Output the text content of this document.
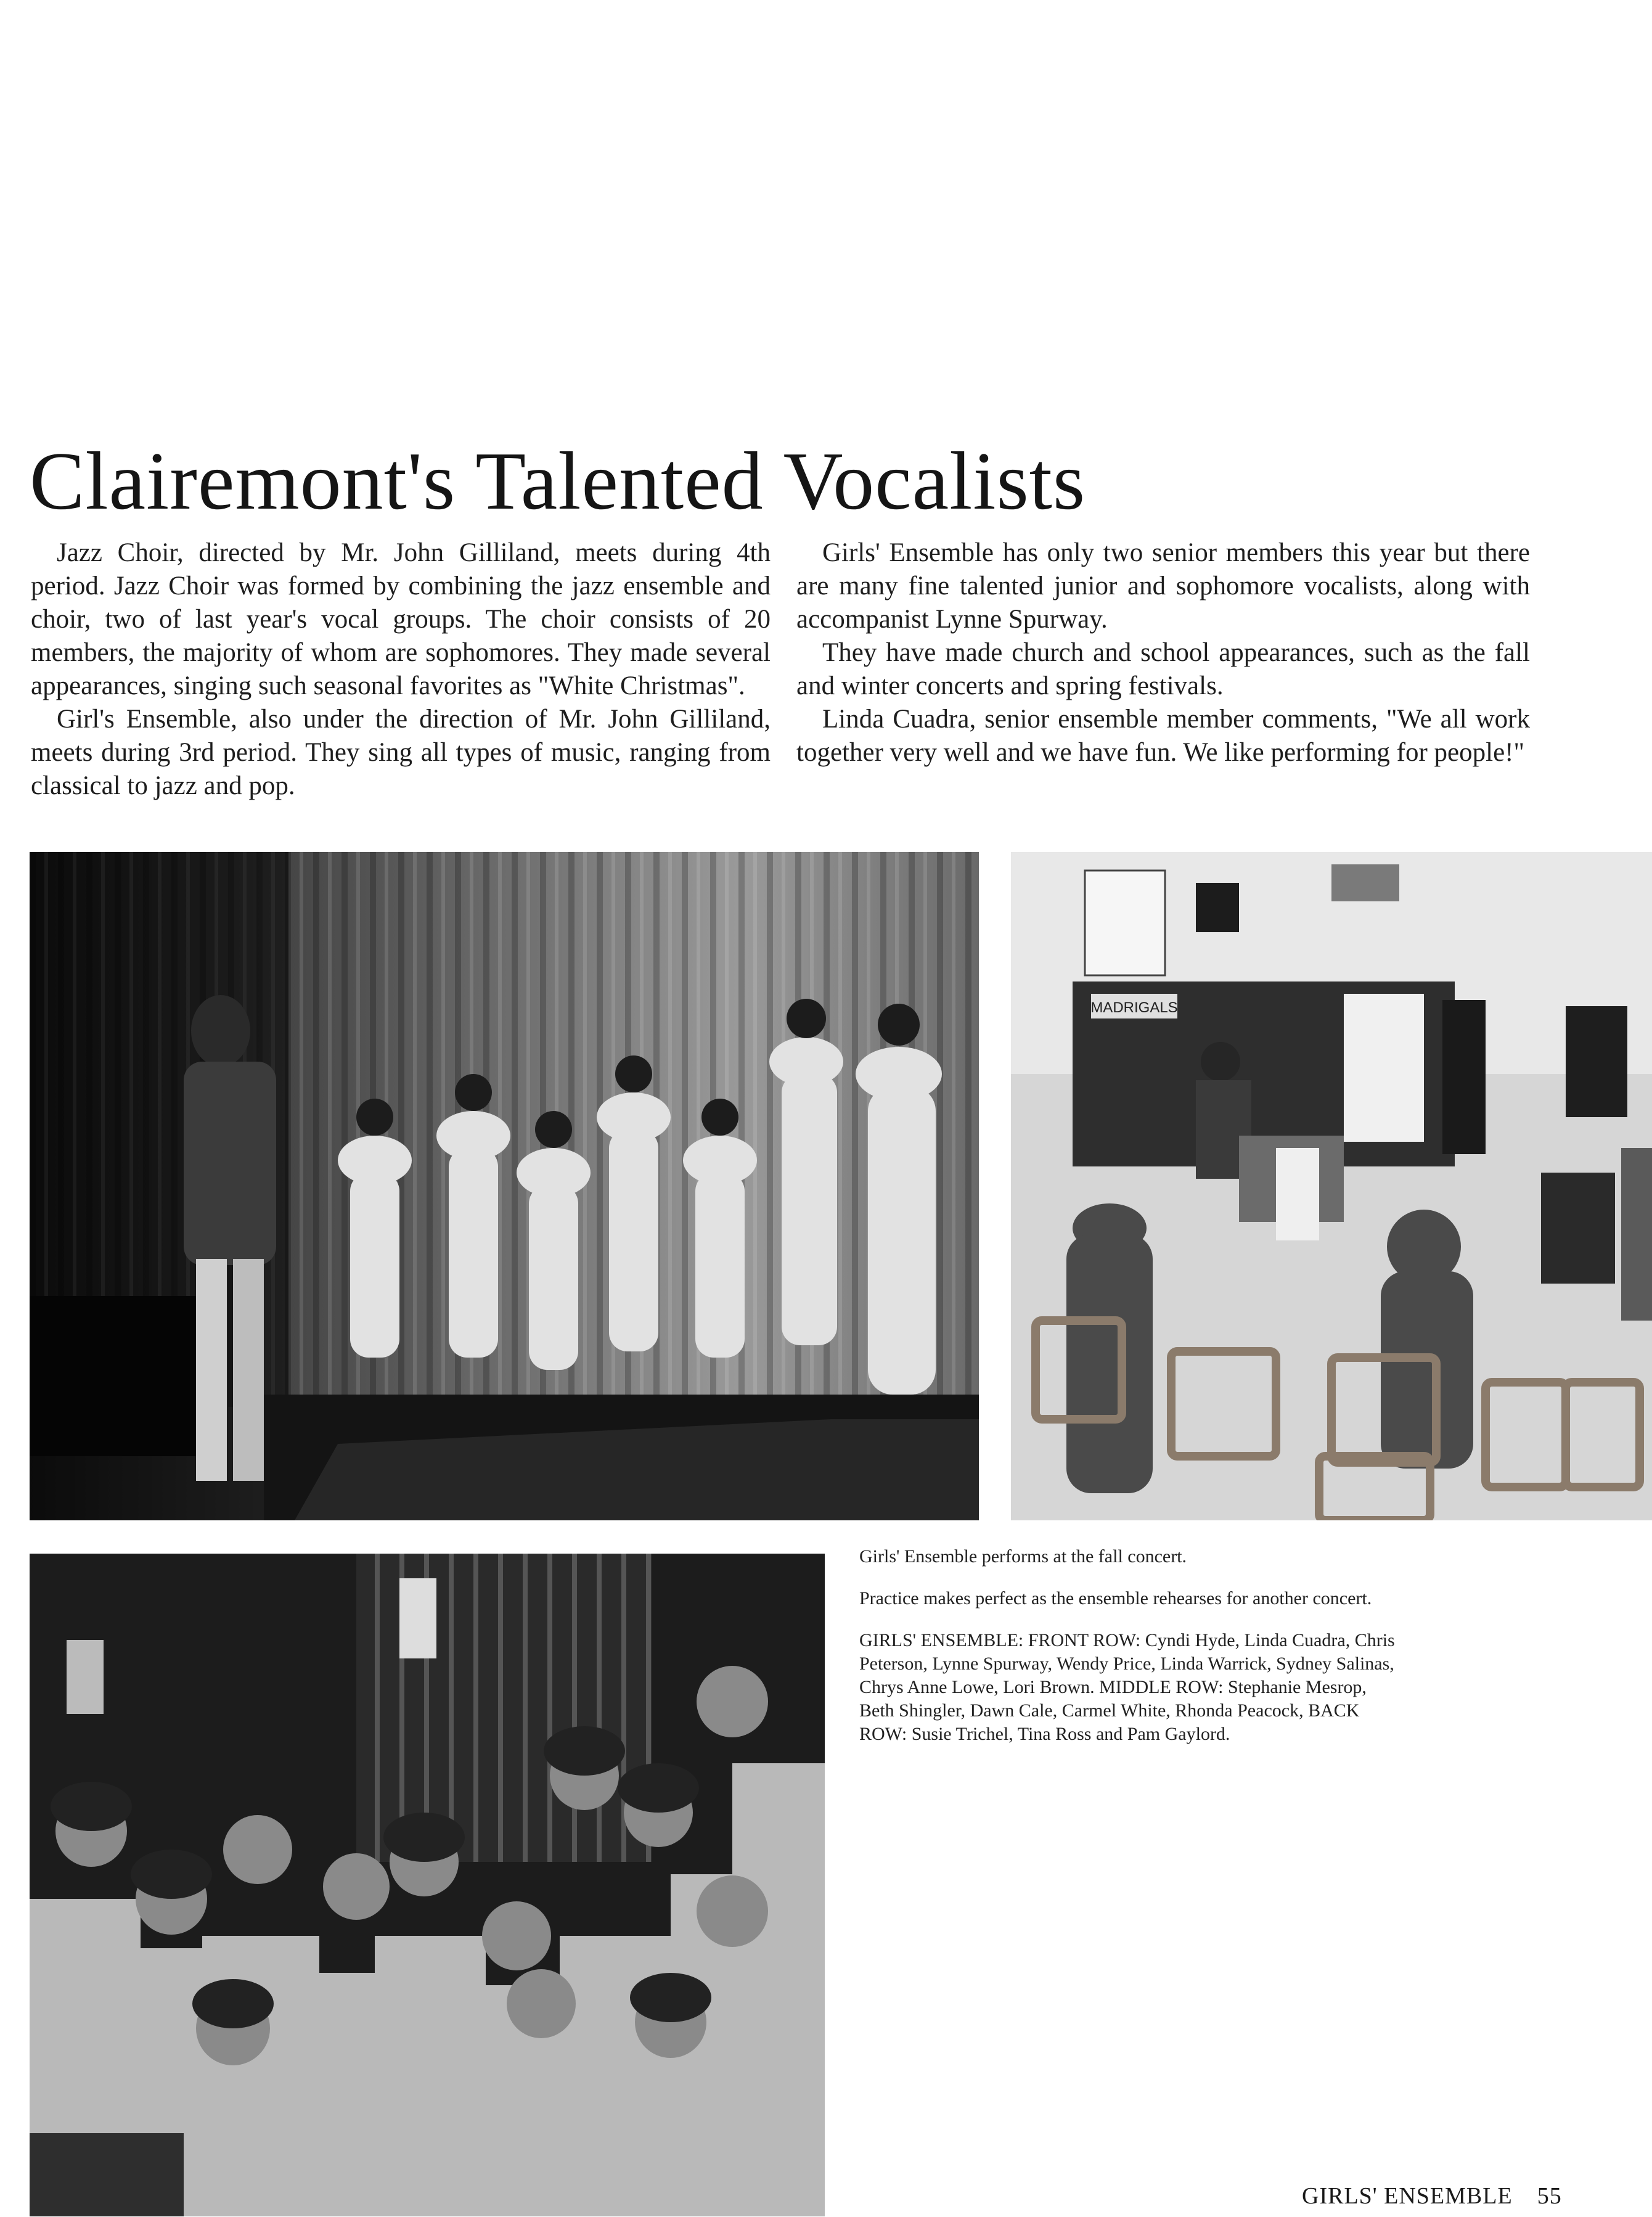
Clairemont's Talented Vocalists

Jazz Choir, directed by Mr. John Gilliland, meets during 4th period. Jazz Choir was formed by combining the jazz ensemble and choir, two of last year's vocal groups. The choir consists of 20 members, the majority of whom are sophomores. They made several appearances, singing such seasonal favorites as "White Christmas".

Girl's Ensemble, also under the direction of Mr. John Gilliland, meets during 3rd period. They sing all types of music, ranging from classical to jazz and pop.

Girls' Ensemble has only two senior members this year but there are many fine talented junior and sophomore vocalists, along with accompanist Lynne Spurway.

They have made church and school appearances, such as the fall and winter concerts and spring festivals.

Linda Cuadra, senior ensemble member comments, "We all work together very well and we have fun. We like performing for people!"

MADRIGALS

Girls' Ensemble performs at the fall concert.

Practice makes perfect as the ensemble rehearses for another concert.

GIRLS' ENSEMBLE: FRONT ROW: Cyndi Hyde, Linda Cuadra, Chris Peterson, Lynne Spurway, Wendy Price, Linda Warrick, Sydney Salinas, Chrys Anne Lowe, Lori Brown. MIDDLE ROW: Stephanie Mesrop, Beth Shingler, Dawn Cale, Carmel White, Rhonda Peacock, BACK ROW: Susie Trichel, Tina Ross and Pam Gaylord.

GIRLS' ENSEMBLE 55
